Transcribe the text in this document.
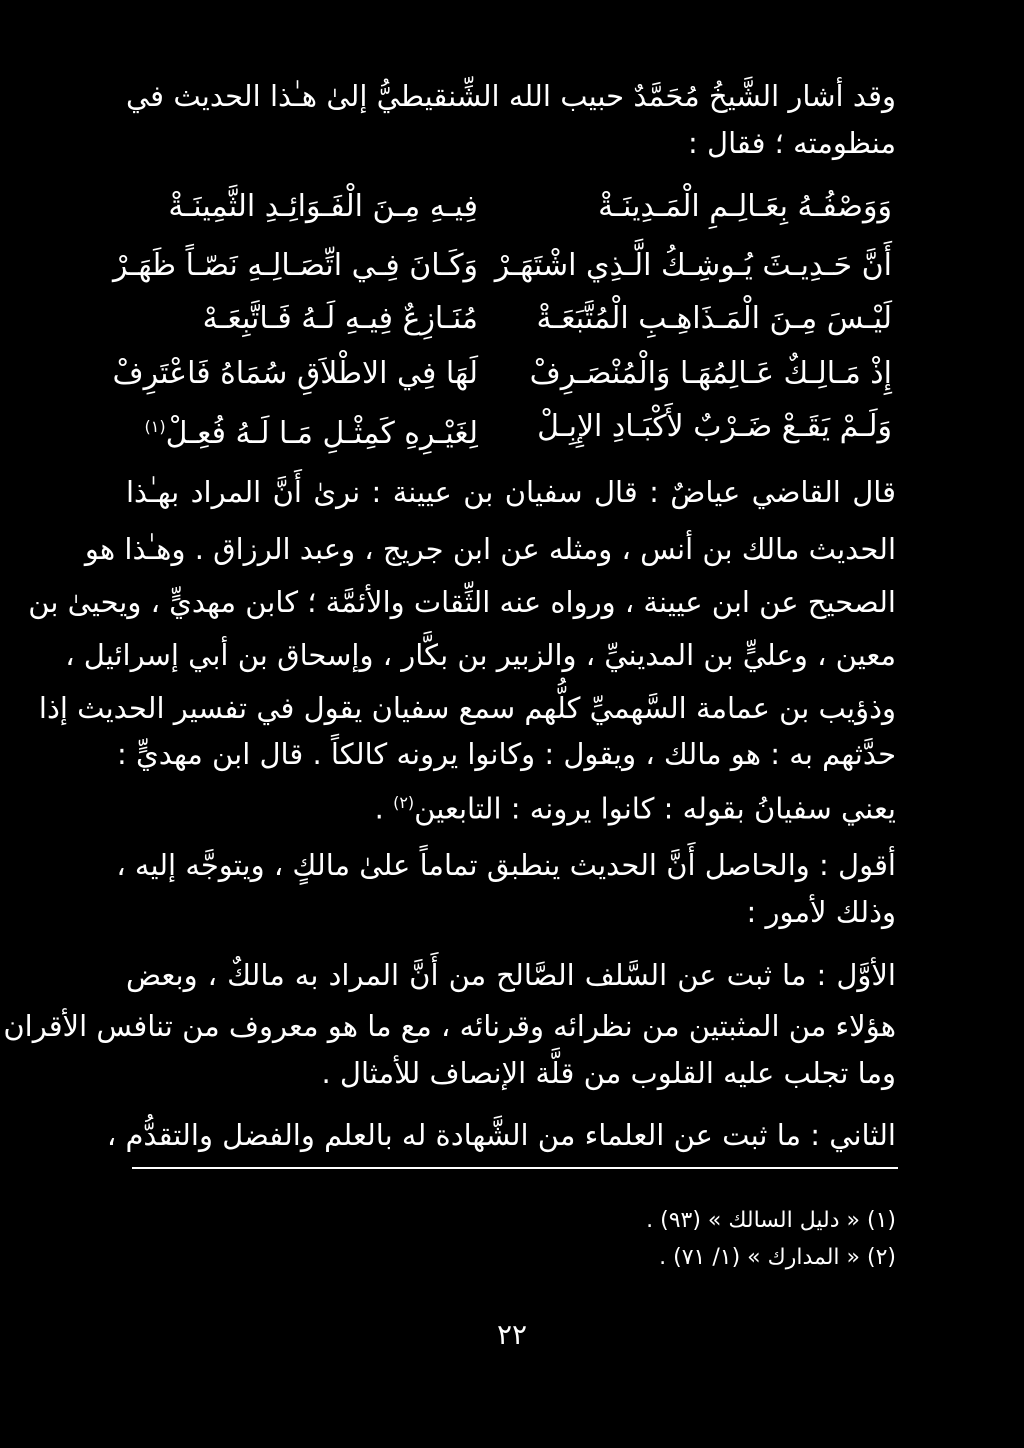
وقد أشار الشَّيخُ مُحَمَّدٌ حبيب الله الشِّنقيطيُّ إلىٰ هـٰذا الحديث في
منظومته ؛ فقال :
وَوَصْفُـهُ بِعَـالِـمِ الْمَـدِينَـةْ
فِيـهِ مِـنَ الْفَـوَائِـدِ الثَّمِينَـةْ
أَنَّ حَـدِيـثَ يُـوشِـكُ الَّـذِي اشْتَهَـرْ
وَكَـانَ فِـي اتِّصَـالِـهِ نَصّـاً ظَهَـرْ
لَيْـسَ مِـنَ الْمَـذَاهِـبِ الْمُتَّبَعَـةْ
مُنَـازِعٌ فِيـهِ لَـهُ فَـاتَّبِعَـهْ
إِذْ مَـالِـكٌ عَـالِمُهَـا وَالْمُنْصَـرِفْ
لَهَا فِي الاطْلاَقِ سُمَاهُ فَاعْتَرِفْ
وَلَـمْ يَقَـعْ ضَـرْبٌ لأَكْبَـادِ الإِبِـلْ
لِغَيْـرِهِ كَمِثْـلِ مَـا لَـهُ فُعِـلْ$^{(١)}$
قال القاضي عياضٌ : قال سفيان بن عيينة : نرىٰ أَنَّ المراد بهـٰذا
الحديث مالك بن أنس ، ومثله عن ابن جريج ، وعبد الرزاق . وهـٰذا هو
الصحيح عن ابن عيينة ، ورواه عنه الثِّقات والأئمَّة ؛ كابن مهديٍّ ، ويحيىٰ بن
معين ، وعليٍّ بن المدينيِّ ، والزبير بن بكَّار ، وإسحاق بن أبي إسرائيل ،
وذؤيب بن عمامة السَّهميِّ كلُّهم سمع سفيان يقول في تفسير الحديث إذا
حدَّثهم به : هو مالك ، ويقول : وكانوا يرونه كالكاً . قال ابن مهديٍّ :
يعني سفيانُ بقوله : كانوا يرونه : التابعين$^{(٢)}$ .
أقول : والحاصل أَنَّ الحديث ينطبق تماماً علىٰ مالكٍ ، ويتوجَّه إليه ،
وذلك لأمور :
الأوَّل : ما ثبت عن السَّلف الصَّالح من أَنَّ المراد به مالكٌ ، وبعض
هؤلاء من المثبتين من نظرائه وقرنائه ، مع ما هو معروف من تنافس الأقران
وما تجلب عليه القلوب من قلَّة الإنصاف للأمثال .
الثاني : ما ثبت عن العلماء من الشَّهادة له بالعلم والفضل والتقدُّم ،
(١) « دليل السالك » (٩٣) .
(٢) « المدارك » (١/ ٧١) .
٢٢
